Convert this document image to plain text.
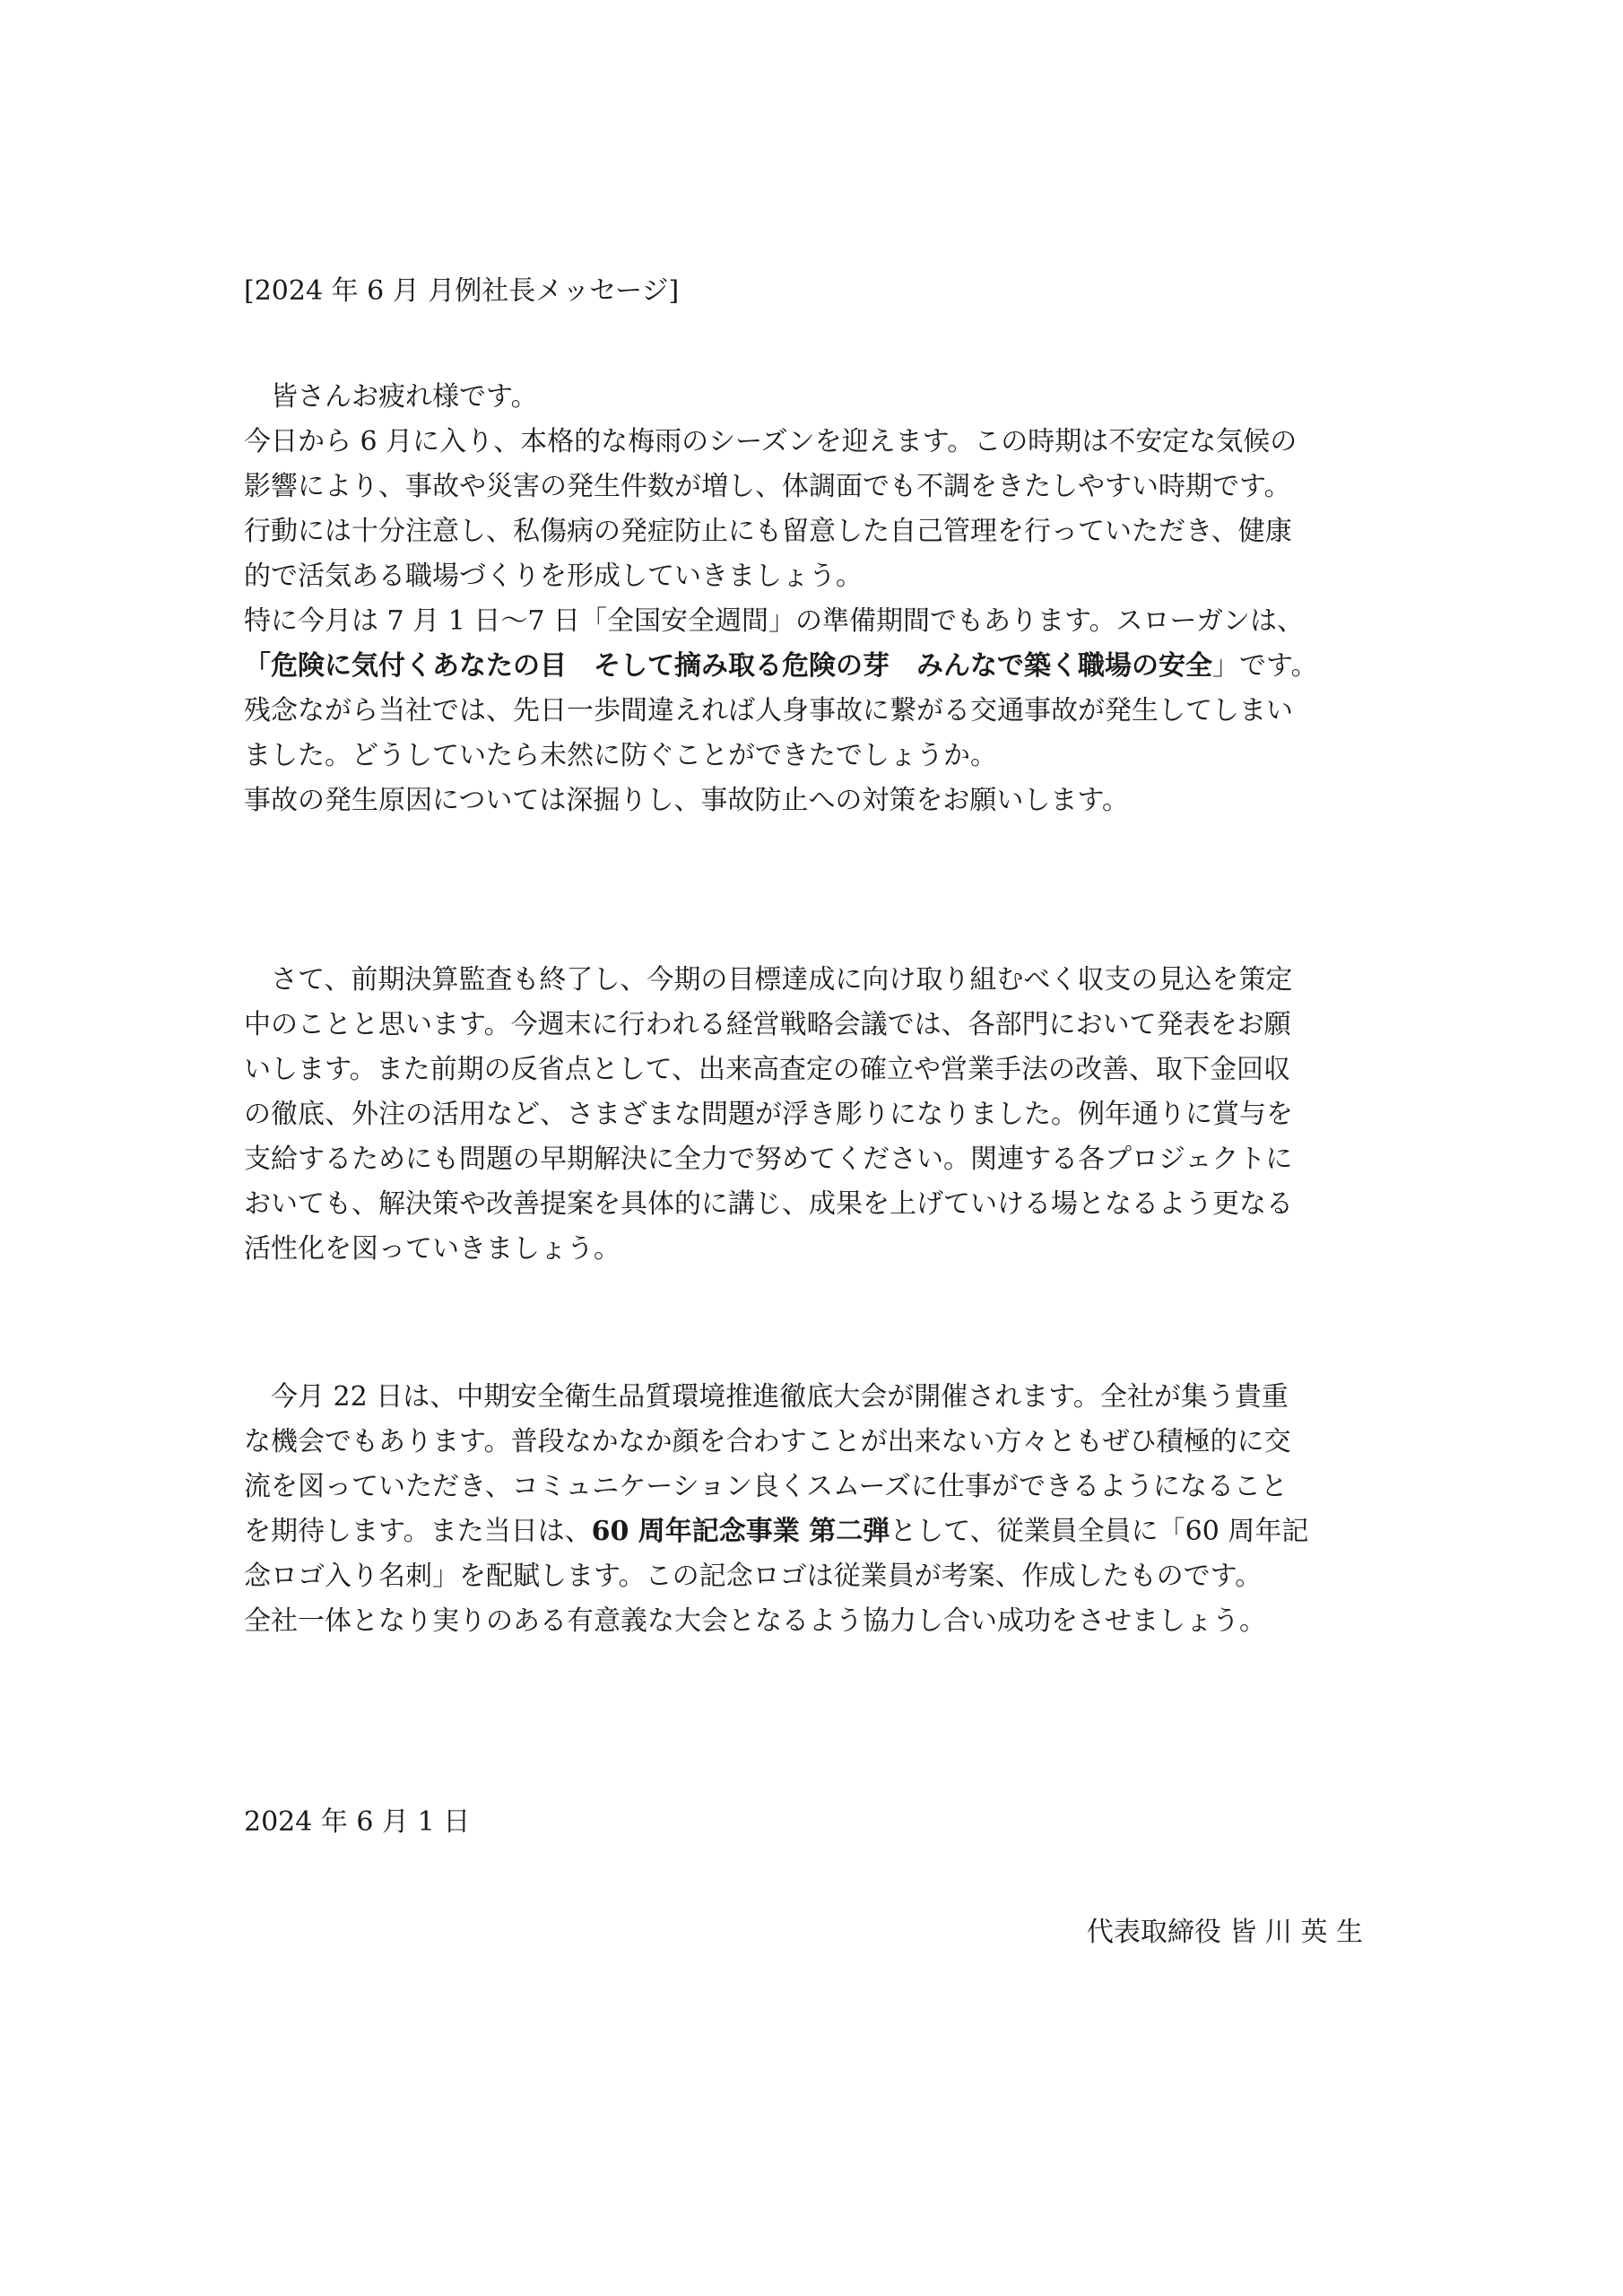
[2024 年 6 月 月例社長メッセージ]
　皆さんお疲れ様です。
今日から 6 月に入り、本格的な梅雨のシーズンを迎えます。この時期は不安定な気候の
影響により、事故や災害の発生件数が増し、体調面でも不調をきたしやすい時期です。
行動には十分注意し、私傷病の発症防止にも留意した自己管理を行っていただき、健康
的で活気ある職場づくりを形成していきましょう。
特に今月は 7 月 1 日〜7 日「全国安全週間」の準備期間でもあります。スローガンは、
「危険に気付くあなたの目　そして摘み取る危険の芽　みんなで築く職場の安全」です。
残念ながら当社では、先日一歩間違えれば人身事故に繋がる交通事故が発生してしまい
ました。どうしていたら未然に防ぐことができたでしょうか。
事故の発生原因については深掘りし、事故防止への対策をお願いします。
　さて、前期決算監査も終了し、今期の目標達成に向け取り組むべく収支の見込を策定
中のことと思います。今週末に行われる経営戦略会議では、各部門において発表をお願
いします。また前期の反省点として、出来高査定の確立や営業手法の改善、取下金回収
の徹底、外注の活用など、さまざまな問題が浮き彫りになりました。例年通りに賞与を
支給するためにも問題の早期解決に全力で努めてください。関連する各プロジェクトに
おいても、解決策や改善提案を具体的に講じ、成果を上げていける場となるよう更なる
活性化を図っていきましょう。
　今月 22 日は、中期安全衛生品質環境推進徹底大会が開催されます。全社が集う貴重
な機会でもあります。普段なかなか顔を合わすことが出来ない方々ともぜひ積極的に交
流を図っていただき、コミュニケーション良くスムーズに仕事ができるようになること
を期待します。また当日は、60 周年記念事業 第二弾として、従業員全員に「60 周年記
念ロゴ入り名刺」を配賦します。この記念ロゴは従業員が考案、作成したものです。
全社一体となり実りのある有意義な大会となるよう協力し合い成功をさせましょう。
2024 年 6 月 1 日
代表取締役 皆 川 英 生
